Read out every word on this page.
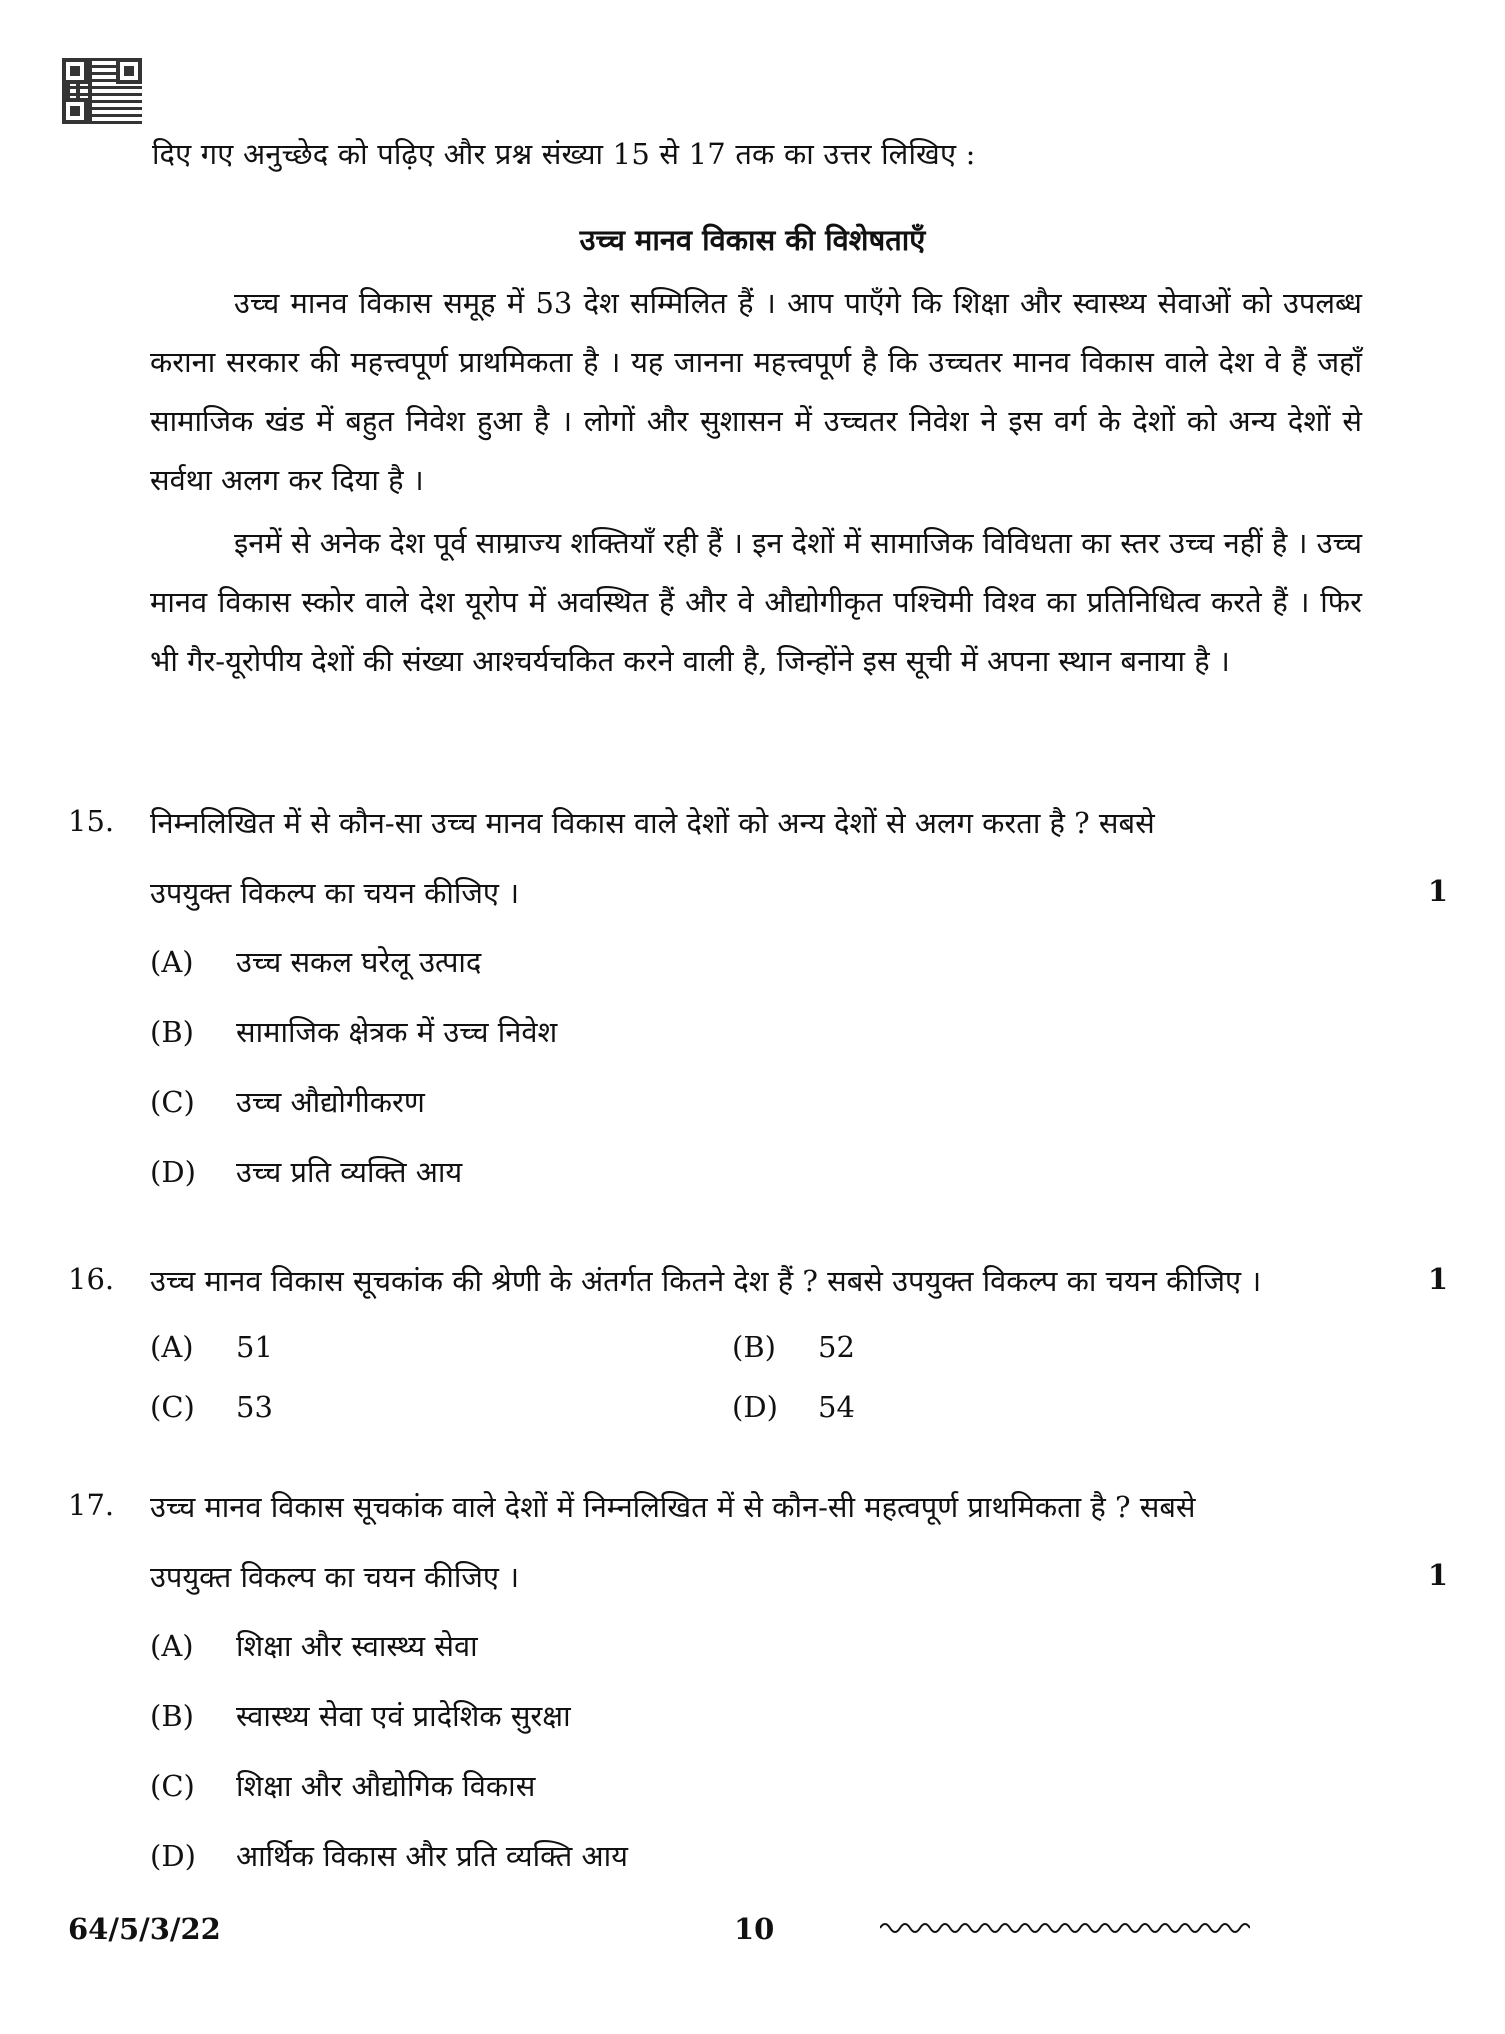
दिए गए अनुच्छेद को पढ़िए और प्रश्न संख्या 15 से 17 तक का उत्तर लिखिए :
उच्च मानव विकास की विशेषताएँ
उच्च मानव विकास समूह में 53 देश सम्मिलित हैं । आप पाएँगे कि शिक्षा और स्वास्थ्य सेवाओं को उपलब्ध कराना सरकार की महत्त्वपूर्ण प्राथमिकता है । यह जानना महत्त्वपूर्ण है कि उच्चतर मानव विकास वाले देश वे हैं जहाँ सामाजिक खंड में बहुत निवेश हुआ है । लोगों और सुशासन में उच्चतर निवेश ने इस वर्ग के देशों को अन्य देशों से सर्वथा अलग कर दिया है ।
इनमें से अनेक देश पूर्व साम्राज्य शक्तियाँ रही हैं । इन देशों में सामाजिक विविधता का स्तर उच्च नहीं है । उच्च मानव विकास स्कोर वाले देश यूरोप में अवस्थित हैं और वे औद्योगीकृत पश्चिमी विश्व का प्रतिनिधित्व करते हैं । फिर भी गैर-यूरोपीय देशों की संख्या आश्चर्यचकित करने वाली है, जिन्होंने इस सूची में अपना स्थान बनाया है ।
15. निम्नलिखित में से कौन-सा उच्च मानव विकास वाले देशों को अन्य देशों से अलग करता है ? सबसे
उपयुक्त विकल्प का चयन कीजिए ।	1
(A) उच्च सकल घरेलू उत्पाद
(B) सामाजिक क्षेत्रक में उच्च निवेश
(C) उच्च औद्योगीकरण
(D) उच्च प्रति व्यक्ति आय
16. उच्च मानव विकास सूचकांक की श्रेणी के अंतर्गत कितने देश हैं ? सबसे उपयुक्त विकल्प का चयन कीजिए ।	1
(A) 51	(B) 52
(C) 53	(D) 54
17. उच्च मानव विकास सूचकांक वाले देशों में निम्नलिखित में से कौन-सी महत्वपूर्ण प्राथमिकता है ? सबसे
उपयुक्त विकल्प का चयन कीजिए ।	1
(A) शिक्षा और स्वास्थ्य सेवा
(B) स्वास्थ्य सेवा एवं प्रादेशिक सुरक्षा
(C) शिक्षा और औद्योगिक विकास
(D) आर्थिक विकास और प्रति व्यक्ति आय
64/5/3/22	10
